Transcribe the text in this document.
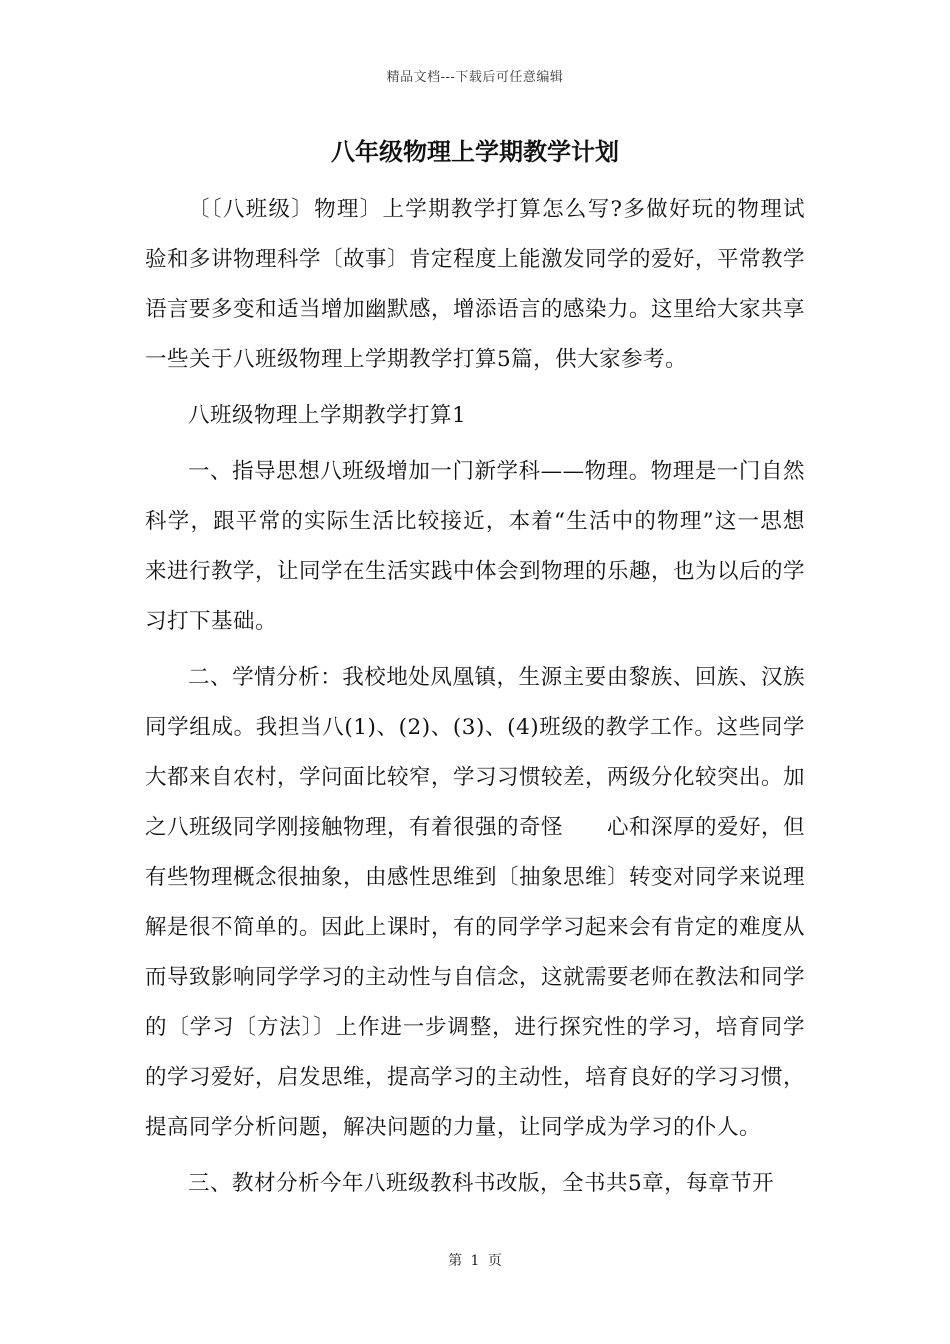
精品文档---下载后可任意编辑
八年级物理上学期教学计划

〔〔八班级〕物理〕上学期教学打算怎么写?多做好玩的物理试验和多讲物理科学〔故事〕肯定程度上能激发同学的爱好，平常教学语言要多变和适当增加幽默感，增添语言的感染力。这里给大家共享一些关于八班级物理上学期教学打算5篇，供大家参考。

八班级物理上学期教学打算1

一、指导思想八班级增加一门新学科——物理。物理是一门自然科学，跟平常的实际生活比较接近，本着“生活中的物理”这一思想来进行教学，让同学在生活实践中体会到物理的乐趣，也为以后的学习打下基础。

二、学情分析：我校地处凤凰镇，生源主要由黎族、回族、汉族同学组成。我担当八(1)、(2)、(3)、(4)班级的教学工作。这些同学大都来自农村，学问面比较窄，学习习惯较差，两级分化较突出。加之八班级同学刚接触物理，有着很强的奇怪　　心和深厚的爱好，但有些物理概念很抽象，由感性思维到〔抽象思维〕转变对同学来说理解是很不简单的。因此上课时，有的同学学习起来会有肯定的难度从而导致影响同学学习的主动性与自信念，这就需要老师在教法和同学的〔学习〔方法〕〕上作进一步调整，进行探究性的学习，培育同学的学习爱好，启发思维，提高学习的主动性，培育良好的学习习惯，提高同学分析问题，解决问题的力量，让同学成为学习的仆人。

三、教材分析今年八班级教科书改版，全书共5章，每章节开

第 1 页
